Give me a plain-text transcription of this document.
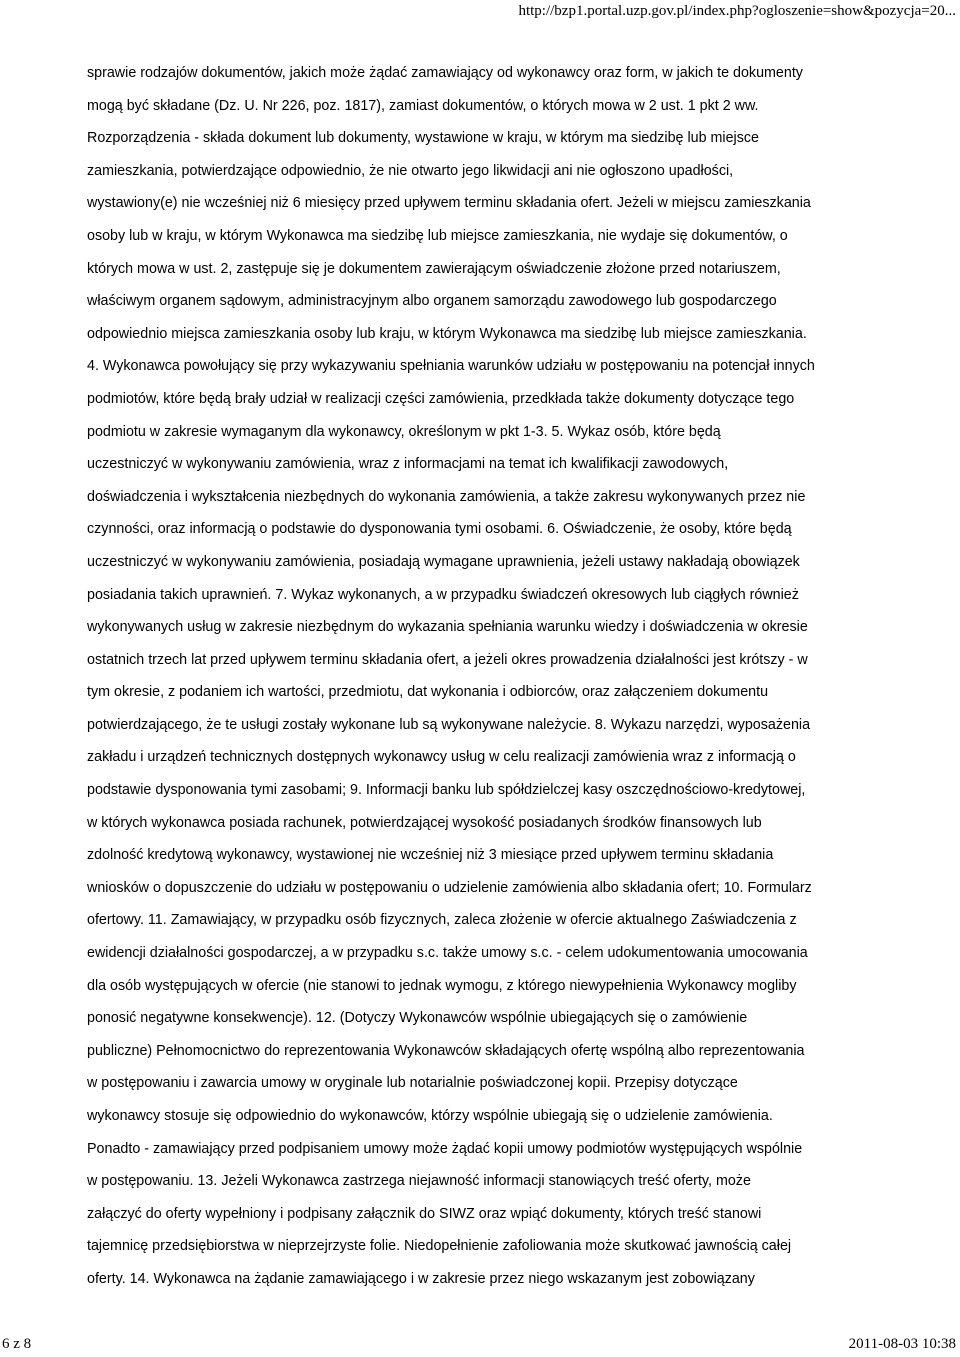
http://bzp1.portal.uzp.gov.pl/index.php?ogloszenie=show&pozycja=20...
sprawie rodzajów dokumentów, jakich może żądać zamawiający od wykonawcy oraz form, w jakich te dokumenty
mogą być składane (Dz. U. Nr 226, poz. 1817), zamiast dokumentów, o których mowa w 2 ust. 1 pkt 2 ww.
Rozporządzenia - składa dokument lub dokumenty, wystawione w kraju, w którym ma siedzibę lub miejsce
zamieszkania, potwierdzające odpowiednio, że nie otwarto jego likwidacji ani nie ogłoszono upadłości,
wystawiony(e) nie wcześniej niż 6 miesięcy przed upływem terminu składania ofert. Jeżeli w miejscu zamieszkania
osoby lub w kraju, w którym Wykonawca ma siedzibę lub miejsce zamieszkania, nie wydaje się dokumentów, o
których mowa w ust. 2, zastępuje się je dokumentem zawierającym oświadczenie złożone przed notariuszem,
właściwym organem sądowym, administracyjnym albo organem samorządu zawodowego lub gospodarczego
odpowiednio miejsca zamieszkania osoby lub kraju, w którym Wykonawca ma siedzibę lub miejsce zamieszkania.
4. Wykonawca powołujący się przy wykazywaniu spełniania warunków udziału w postępowaniu na potencjał innych
podmiotów, które będą brały udział w realizacji części zamówienia, przedkłada także dokumenty dotyczące tego
podmiotu w zakresie wymaganym dla wykonawcy, określonym w pkt 1-3. 5. Wykaz osób, które będą
uczestniczyć w wykonywaniu zamówienia, wraz z informacjami na temat ich kwalifikacji zawodowych,
doświadczenia i wykształcenia niezbędnych do wykonania zamówienia, a także zakresu wykonywanych przez nie
czynności, oraz informacją o podstawie do dysponowania tymi osobami. 6. Oświadczenie, że osoby, które będą
uczestniczyć w wykonywaniu zamówienia, posiadają wymagane uprawnienia, jeżeli ustawy nakładają obowiązek
posiadania takich uprawnień. 7. Wykaz wykonanych, a w przypadku świadczeń okresowych lub ciągłych również
wykonywanych usług w zakresie niezbędnym do wykazania spełniania warunku wiedzy i doświadczenia w okresie
ostatnich trzech lat przed upływem terminu składania ofert, a jeżeli okres prowadzenia działalności jest krótszy - w
tym okresie, z podaniem ich wartości, przedmiotu, dat wykonania i odbiorców, oraz załączeniem dokumentu
potwierdzającego, że te usługi zostały wykonane lub są wykonywane należycie. 8. Wykazu narzędzi, wyposażenia
zakładu i urządzeń technicznych dostępnych wykonawcy usług w celu realizacji zamówienia wraz z informacją o
podstawie dysponowania tymi zasobami; 9. Informacji banku lub spółdzielczej kasy oszczędnościowo-kredytowej,
w których wykonawca posiada rachunek, potwierdzającej wysokość posiadanych środków finansowych lub
zdolność kredytową wykonawcy, wystawionej nie wcześniej niż 3 miesiące przed upływem terminu składania
wniosków o dopuszczenie do udziału w postępowaniu o udzielenie zamówienia albo składania ofert; 10. Formularz
ofertowy. 11. Zamawiający, w przypadku osób fizycznych, zaleca złożenie w ofercie aktualnego Zaświadczenia z
ewidencji działalności gospodarczej, a w przypadku s.c. także umowy s.c. - celem udokumentowania umocowania
dla osób występujących w ofercie (nie stanowi to jednak wymogu, z którego niewypełnienia Wykonawcy mogliby
ponosić negatywne konsekwencje). 12. (Dotyczy Wykonawców wspólnie ubiegających się o zamówienie
publiczne) Pełnomocnictwo do reprezentowania Wykonawców składających ofertę wspólną albo reprezentowania
w postępowaniu i zawarcia umowy w oryginale lub notarialnie poświadczonej kopii. Przepisy dotyczące
wykonawcy stosuje się odpowiednio do wykonawców, którzy wspólnie ubiegają się o udzielenie zamówienia.
Ponadto - zamawiający przed podpisaniem umowy może żądać kopii umowy podmiotów występujących wspólnie
w postępowaniu. 13. Jeżeli Wykonawca zastrzega niejawność informacji stanowiących treść oferty, może
załączyć do oferty wypełniony i podpisany załącznik do SIWZ oraz wpiąć dokumenty, których treść stanowi
tajemnicę przedsiębiorstwa w nieprzejrzyste folie. Niedopełnienie zafoliowania może skutkować jawnością całej
oferty. 14. Wykonawca na żądanie zamawiającego i w zakresie przez niego wskazanym jest zobowiązany
6 z 8	2011-08-03 10:38
